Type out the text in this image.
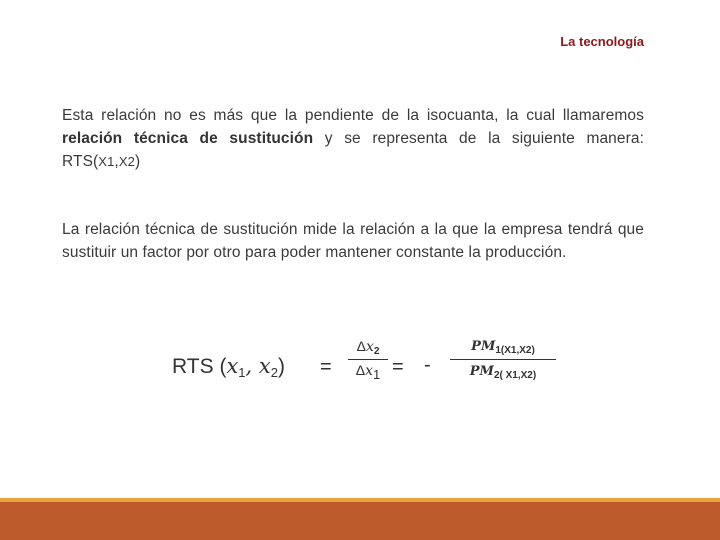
La tecnología
Esta relación no es más que la pendiente de la isocuanta, la cual llamaremos relación técnica de sustitución y se representa de la siguiente manera: RTS(X1,X2)
La relación técnica de sustitución mide la relación a la que la empresa tendrá que sustituir un factor por otro para poder mantener constante la producción.
RTS (x1, $x2) = \frac{\Delta x_2}{\Delta x1}$ = - $\frac{PM_{1(X1,X2)}}{PM_{2( X1,X2)}}$
